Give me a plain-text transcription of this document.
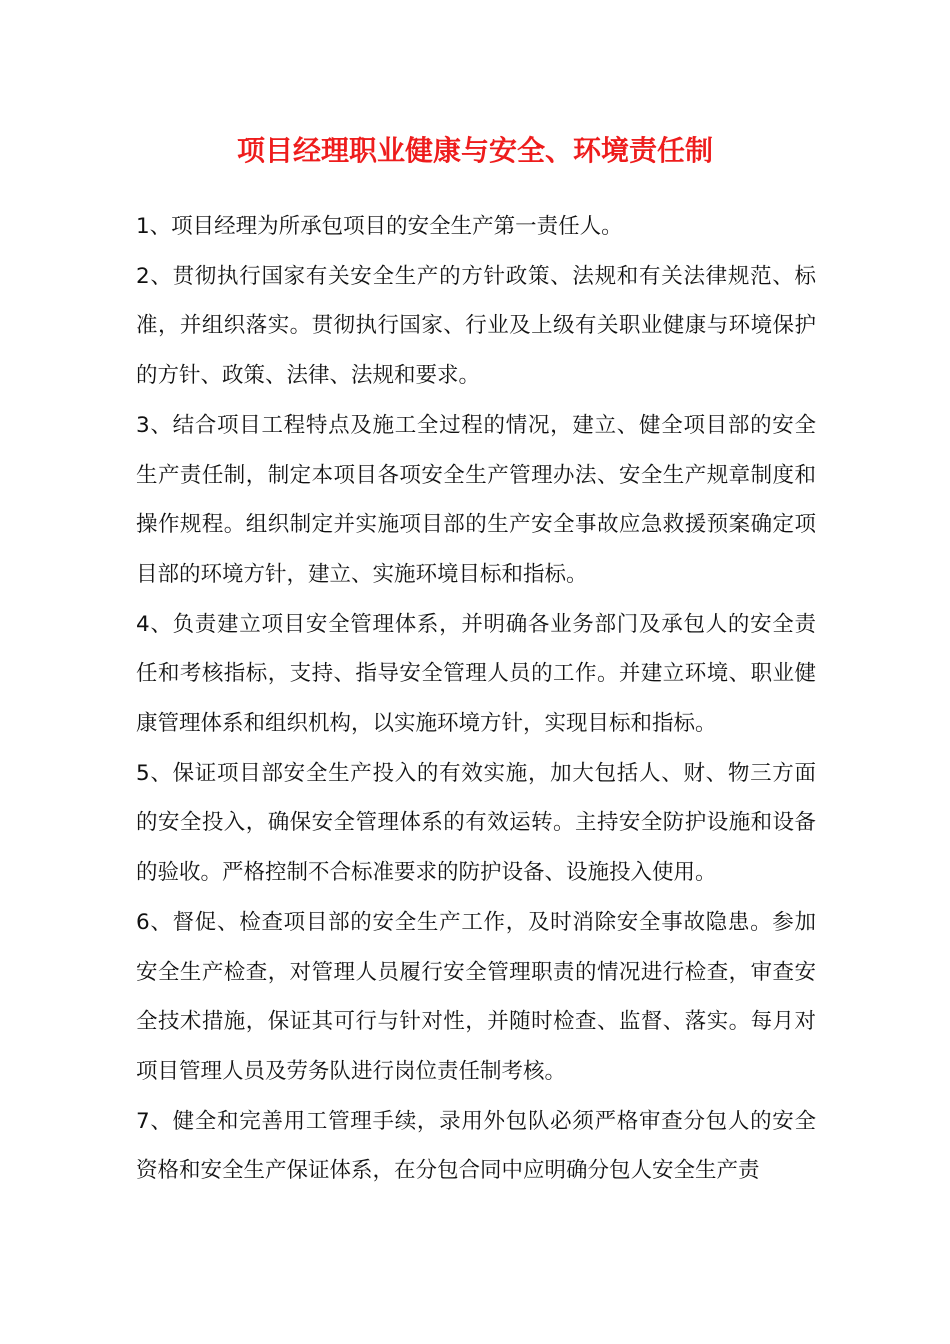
项目经理职业健康与安全、环境责任制

1、项目经理为所承包项目的安全生产第一责任人。

2、贯彻执行国家有关安全生产的方针政策、法规和有关法律规范、标准，并组织落实。贯彻执行国家、行业及上级有关职业健康与环境保护的方针、政策、法律、法规和要求。

3、结合项目工程特点及施工全过程的情况，建立、健全项目部的安全生产责任制，制定本项目各项安全生产管理办法、安全生产规章制度和操作规程。组织制定并实施项目部的生产安全事故应急救援预案确定项目部的环境方针，建立、实施环境目标和指标。

4、负责建立项目安全管理体系，并明确各业务部门及承包人的安全责任和考核指标，支持、指导安全管理人员的工作。并建立环境、职业健康管理体系和组织机构，以实施环境方针，实现目标和指标。

5、保证项目部安全生产投入的有效实施，加大包括人、财、物三方面的安全投入，确保安全管理体系的有效运转。主持安全防护设施和设备的验收。严格控制不合标准要求的防护设备、设施投入使用。

6、督促、检查项目部的安全生产工作，及时消除安全事故隐患。参加安全生产检查，对管理人员履行安全管理职责的情况进行检查，审查安全技术措施，保证其可行与针对性，并随时检查、监督、落实。每月对项目管理人员及劳务队进行岗位责任制考核。

7、健全和完善用工管理手续，录用外包队必须严格审查分包人的安全资格和安全生产保证体系，在分包合同中应明确分包人安全生产责
